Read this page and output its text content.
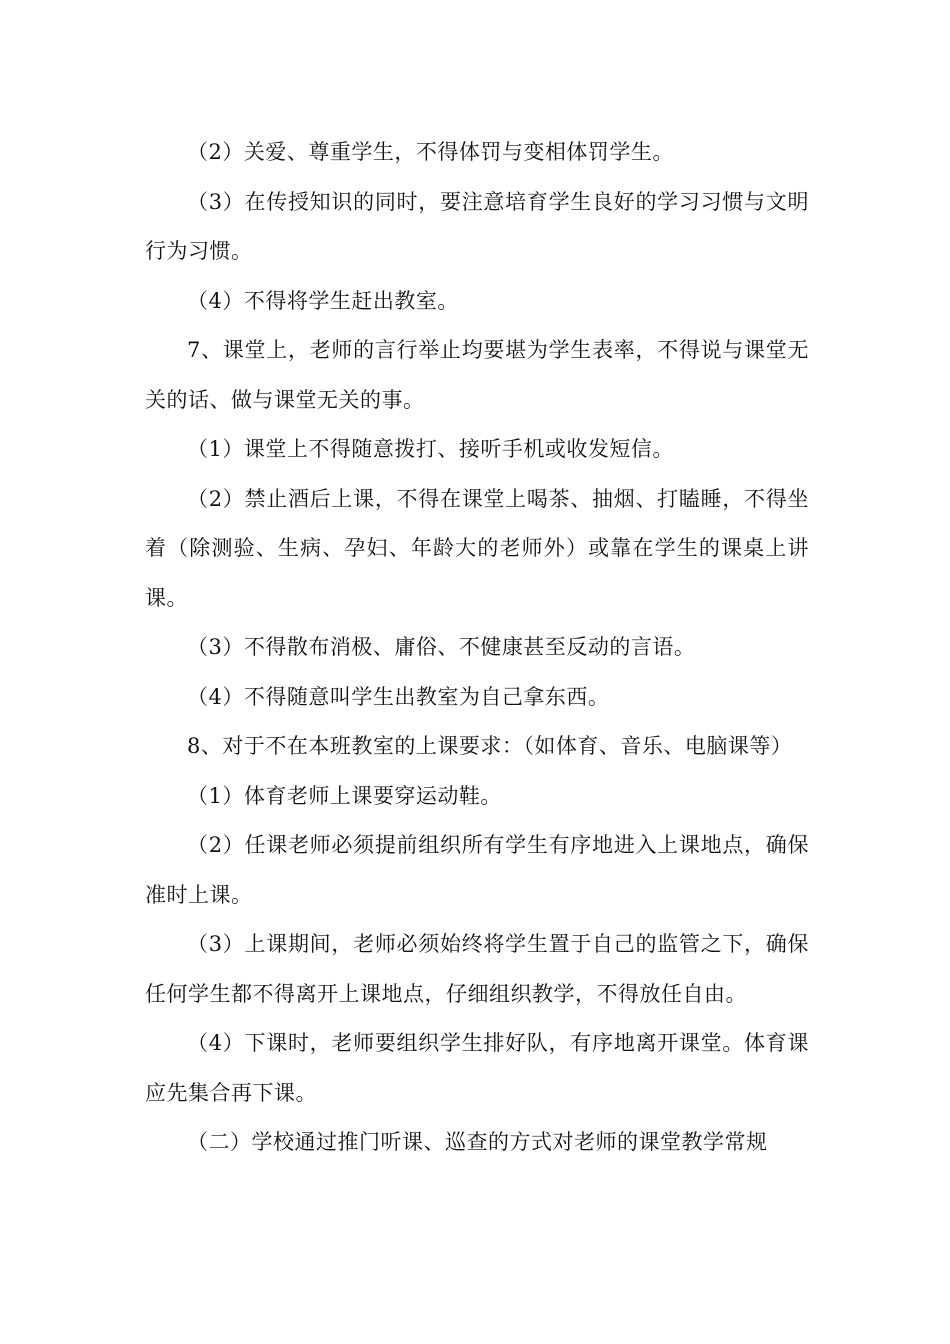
（2）关爱、尊重学生，不得体罚与变相体罚学生。

（3）在传授知识的同时，要注意培育学生良好的学习习惯与文明行为习惯。

（4）不得将学生赶出教室。

7、课堂上，老师的言行举止均要堪为学生表率，不得说与课堂无关的话、做与课堂无关的事。

（1）课堂上不得随意拨打、接听手机或收发短信。

（2）禁止酒后上课，不得在课堂上喝茶、抽烟、打瞌睡，不得坐着（除测验、生病、孕妇、年龄大的老师外）或靠在学生的课桌上讲课。

（3）不得散布消极、庸俗、不健康甚至反动的言语。

（4）不得随意叫学生出教室为自己拿东西。

8、对于不在本班教室的上课要求：（如体育、音乐、电脑课等）

（1）体育老师上课要穿运动鞋。

（2）任课老师必须提前组织所有学生有序地进入上课地点，确保准时上课。

（3）上课期间，老师必须始终将学生置于自己的监管之下，确保任何学生都不得离开上课地点，仔细组织教学，不得放任自由。

（4）下课时，老师要组织学生排好队，有序地离开课堂。体育课应先集合再下课。

（二）学校通过推门听课、巡查的方式对老师的课堂教学常规
